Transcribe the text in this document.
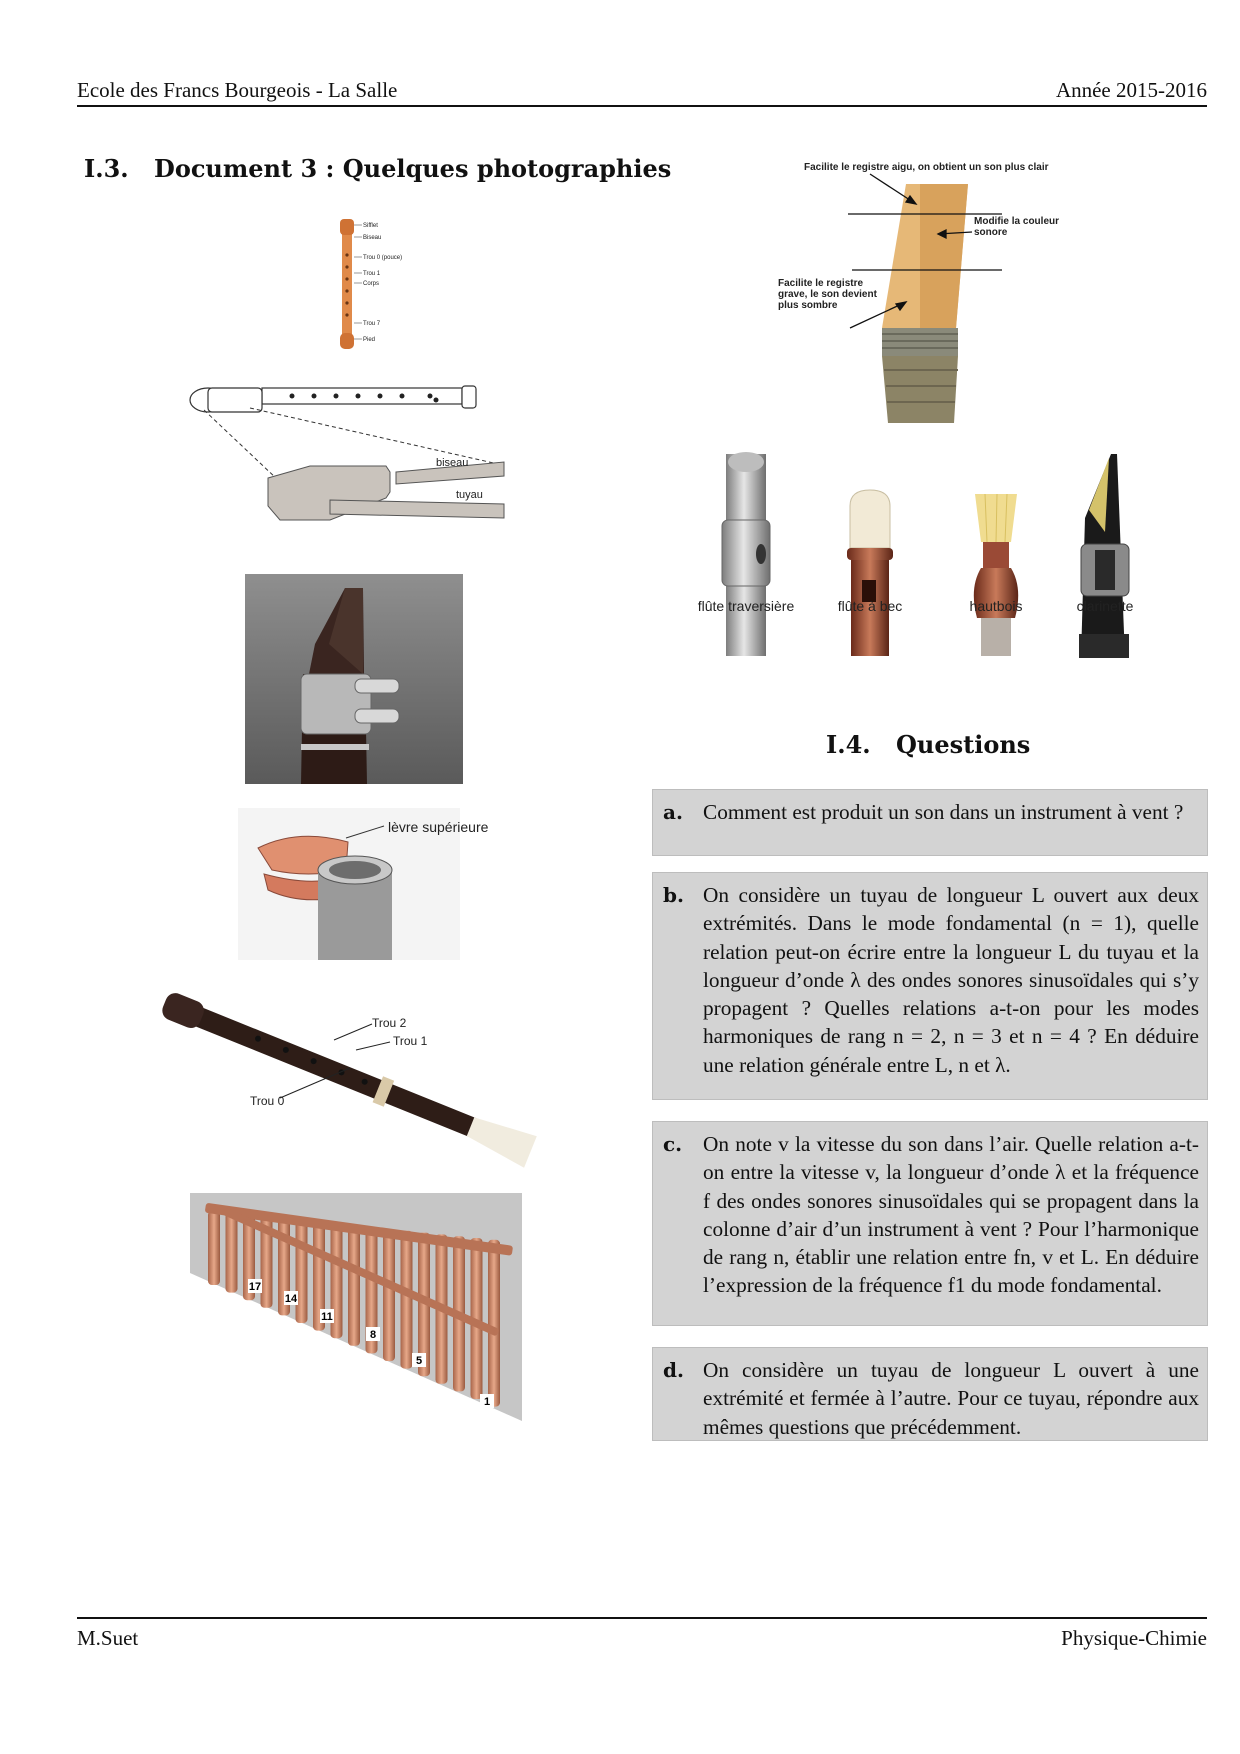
Ecole des Francs Bourgeois - La Salle	Année 2015-2016
I.3. Document 3 : Quelques photographies
Sifflet
Biseau
Trou 0 (pouce)
Trou 1
Corps
Trou 7
Pied
biseau
tuyau
lèvre supérieure
Trou 2
Trou 1
Trou 0
17
14
11
8
5
1
Facilite le registre aigu, on obtient un son plus clair
Modifie la couleur sonore
Facilite le registre grave, le son devient plus sombre
flûte traversière	flûte à bec	hautbois	clarinette
I.4. Questions
a. Comment est produit un son dans un instrument à vent ?
b. On considère un tuyau de longueur L ouvert aux deux extrémités. Dans le mode fondamental (n = 1), quelle relation peut-on écrire entre la longueur L du tuyau et la longueur d’onde λ des ondes sonores sinusoïdales qui s’y propagent ? Quelles relations a-t-on pour les modes harmoniques de rang n = 2, n = 3 et n = 4 ? En déduire une relation générale entre L, n et λ.
c. On note v la vitesse du son dans l’air. Quelle relation a-t-on entre la vitesse v, la longueur d’onde λ et la fréquence f des ondes sonores sinusoïdales qui se propagent dans la colonne d’air d’un instrument à vent ? Pour l’harmonique de rang n, établir une relation entre fn, v et L. En déduire l’expression de la fréquence f1 du mode fondamental.
d. On considère un tuyau de longueur L ouvert à une extrémité et fermée à l’autre. Pour ce tuyau, répondre aux mêmes questions que précédemment.
M.Suet	Physique-Chimie
